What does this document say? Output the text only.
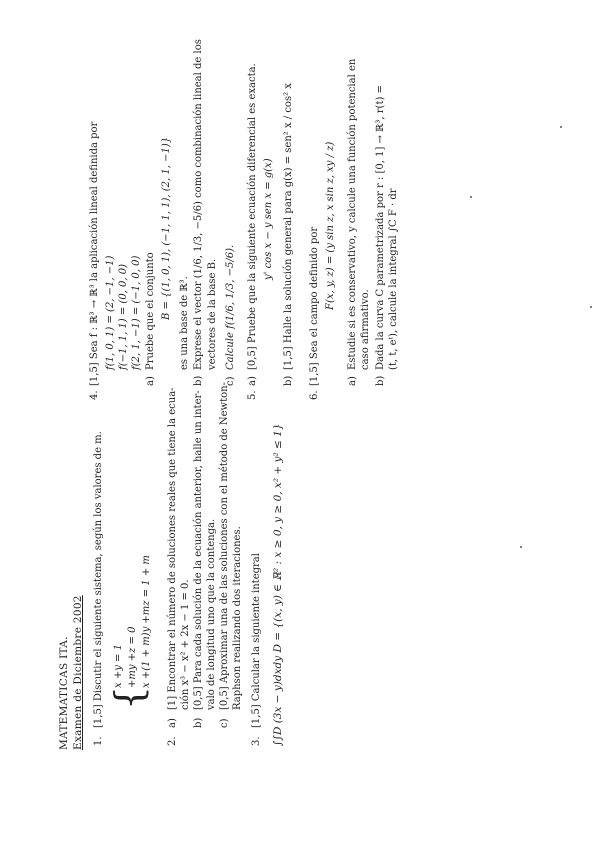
MATEMATICAS ITA. Examen de Diciembre 2002 1.
[1,5] Discutir el siguiente sistema, según los valores de m. {
x +y = 1 +my +z = 0 x +(1 + m)y +mz = 1 + m
2.
a)
[1] Encontrar el número de soluciones reales que tiene la ecua- ción x³ − x² + 2x − 1 = 0.
b)
[0,5] Para cada solución de la ecuación anterior, halle un inter- valo de longitud uno que la contenga.
c)
[0,5] Aproximar una de las soluciones con el método de Newton- Raphson realizando dos iteraciones.
3.
[1,5] Calcular la siguiente integral ∫∫D (3x − y)dxdy D = {(x, y) ∈ ℝ² : x ≥ 0, y ≥ 0, x² + y² ≤ 1}
4.
[1,5] Sea f : ℝ³ → ℝ³ la aplicación lineal definida por f(1, 0, 1) = (2, −1, −1) f(−1, 1, 1) = (0, 0, 0) f(2, 1, −1) = (−1, 0, 0)
a)
Pruebe que el conjunto B = {(1, 0, 1), (−1, 1, 1), (2, 1, −1)}
es una base de ℝ³.
b)
Exprese el vector (1/6, 1/3, −5/6) como combinación lineal de los vectores de la base B.
c)
Calcule f(1/6, 1/3, −5/6).
5.
a)
[0,5] Pruebe que la siguiente ecuación diferencial es exacta. y' cos x − y sen x = g(x)
b)
[1,5] Halle la solución general para g(x) = sen² x / cos² x
6.
[1,5] Sea el campo definido por F(x, y, z) = (y sin z, x sin z, xy / z)
a)
Estudie si es conservativo, y calcule una función potencial en caso afirmativo.
b)
Dada la curva C parametrizada por r : [0, 1] → ℝ³, r(t) = (t, t, eᵗ), calcule la integral ∫C F · dr
